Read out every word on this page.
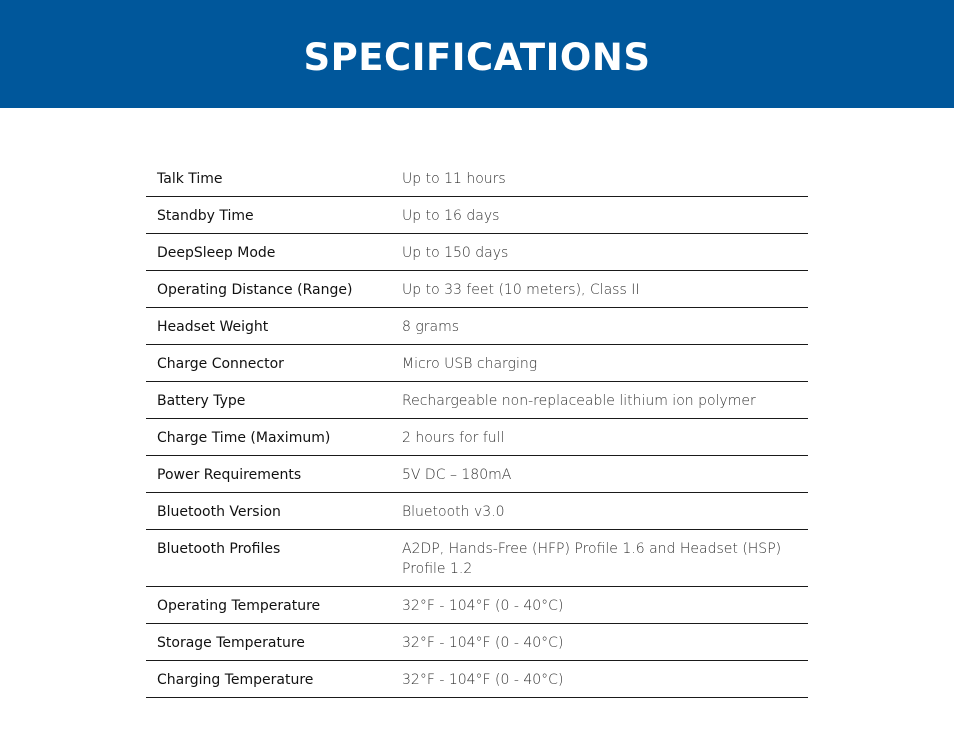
SPECIFICATIONS
Talk Time	Up to 11 hours
Standby Time	Up to 16 days
DeepSleep Mode	Up to 150 days
Operating Distance (Range)	Up to 33 feet (10 meters), Class II
Headset Weight	8 grams
Charge Connector	Micro USB charging
Battery Type	Rechargeable non-replaceable lithium ion polymer
Charge Time (Maximum)	2 hours for full
Power Requirements	5V DC – 180mA
Bluetooth Version	Bluetooth v3.0
Bluetooth Profiles	A2DP, Hands-Free (HFP) Profile 1.6 and Headset (HSP) Profile 1.2
Operating Temperature	32°F - 104°F (0 - 40°C)
Storage Temperature	32°F - 104°F (0 - 40°C)
Charging Temperature	32°F - 104°F (0 - 40°C)
